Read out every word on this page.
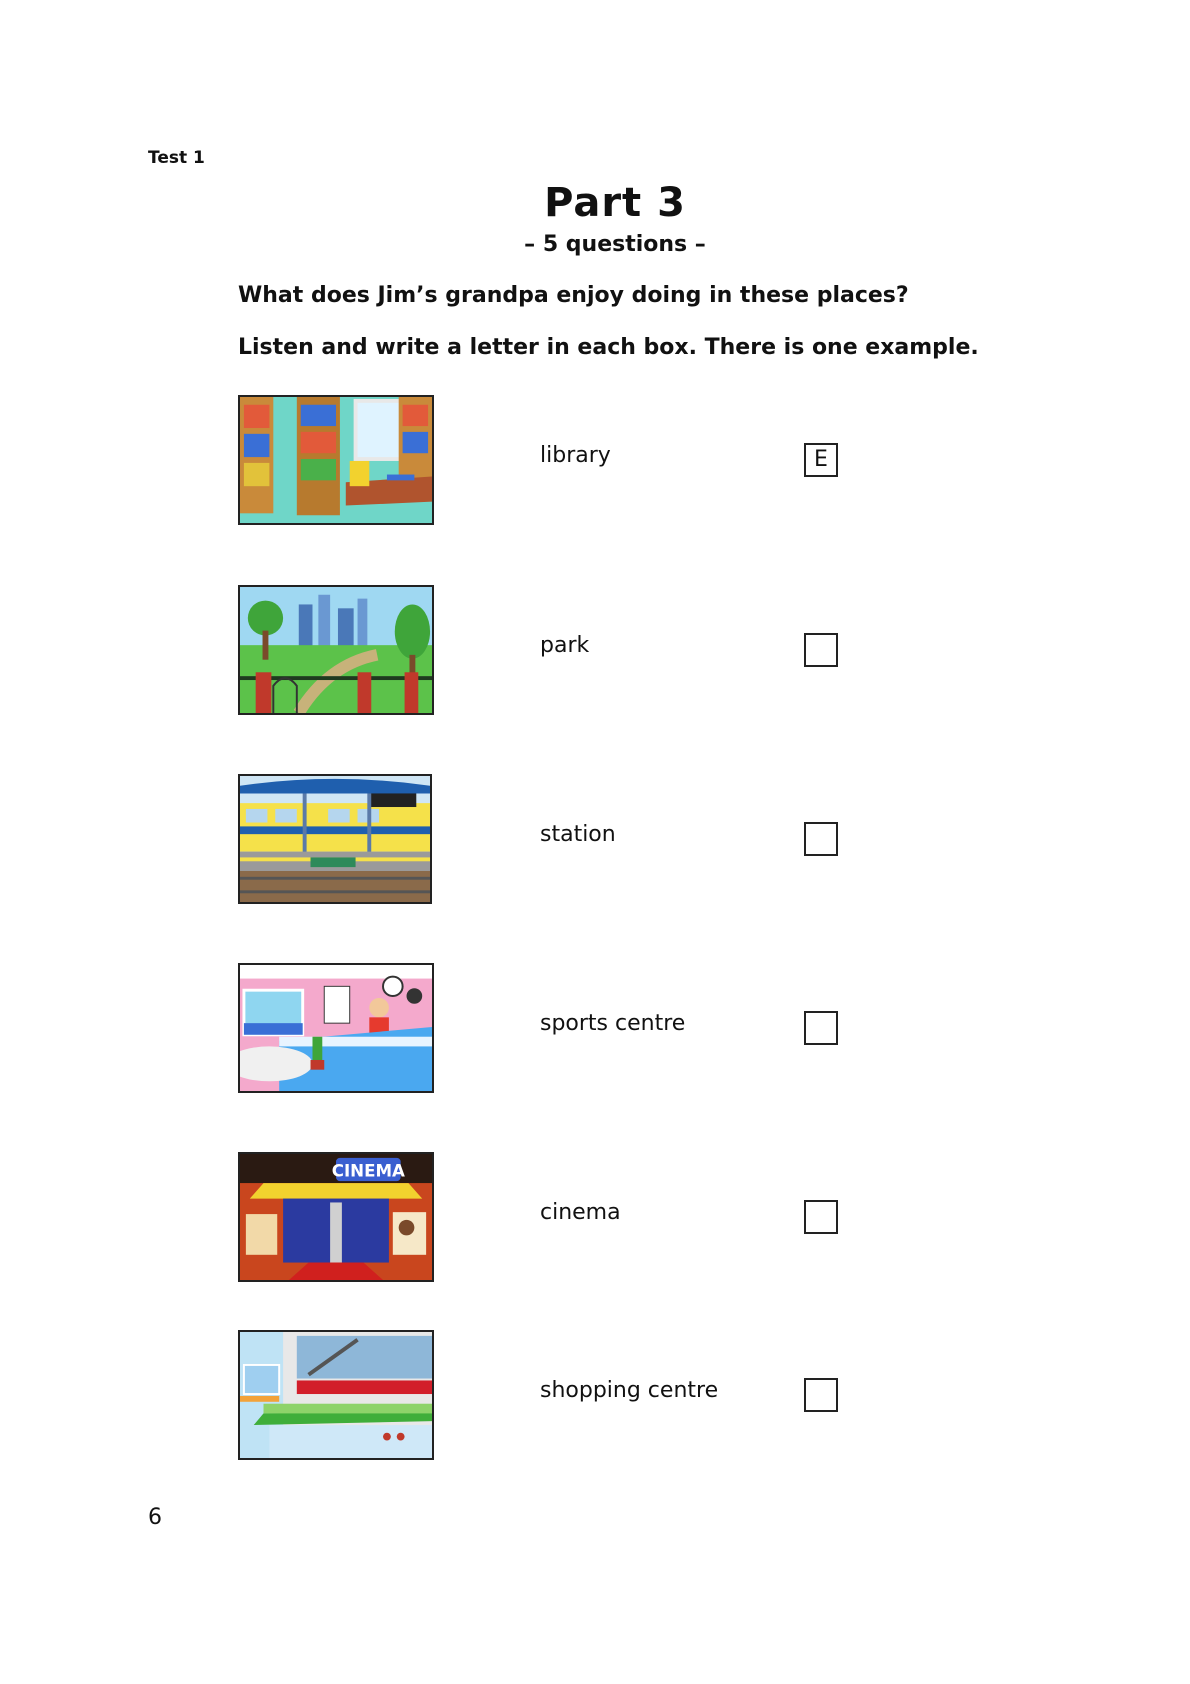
Test 1
Part 3
– 5 questions –
What does Jim’s grandpa enjoy doing in these places?
Listen and write a letter in each box. There is one example.
library	E
park
station
sports centre
CINEMA
cinema
shopping centre
6
